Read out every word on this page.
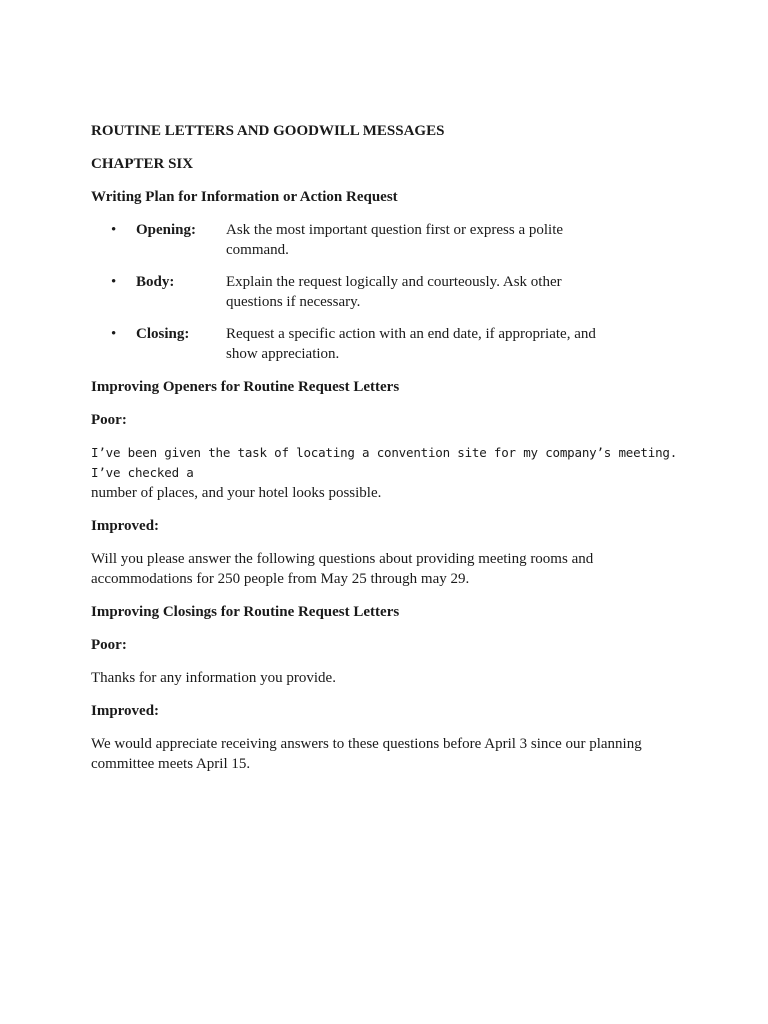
ROUTINE LETTERS AND GOODWILL MESSAGES
CHAPTER SIX
Writing Plan for Information or Action Request
• Opening: Ask the most important question first or express a polite command.
• Body:	Explain the request logically and courteously. Ask other questions if necessary.
• Closing: Request a specific action with an end date, if appropriate, and show appreciation.
Improving Openers for Routine Request Letters
Poor:
I’ve been given the task of locating a convention site for my company’s meeting. I’ve checked a
number of places, and your hotel looks possible.
Improved:
Will you please answer the following questions about providing meeting rooms and accommodations for 250 people from May 25 through may 29.
Improving Closings for Routine Request Letters
Poor:
Thanks for any information you provide.
Improved:
We would appreciate receiving answers to these questions before April 3 since our planning committee meets April 15.
